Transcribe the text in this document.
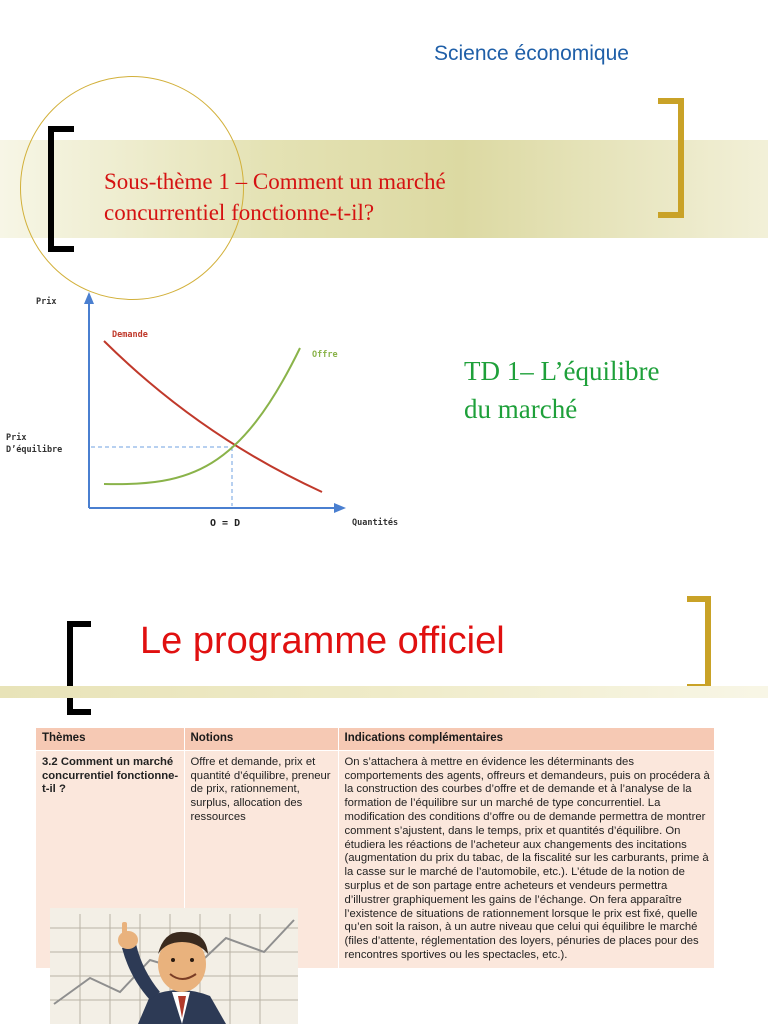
Science économique
Sous-thème 1 – Comment un marché
concurrentiel fonctionne-t-il?
Prix
Quantités
Demande
Offre
Prix
D’équilibre
O = D
TD 1– L’équilibre
du marché
Le programme officiel
Thèmes	Notions	Indications complémentaires
3.2 Comment un marché concurrentiel fonctionne-t-il ?	Offre et demande, prix et quantité d’équilibre, preneur de prix, rationnement, surplus, allocation des ressources	On s’attachera à mettre en évidence les déterminants des comportements des agents, offreurs et demandeurs, puis on procédera à la construction des courbes d’offre et de demande et à l’analyse de la formation de l’équilibre sur un marché de type concurrentiel. La modification des conditions d’offre ou de demande permettra de montrer comment s’ajustent, dans le temps, prix et quantités d’équilibre. On étudiera les réactions de l’acheteur aux changements des incitations (augmentation du prix du tabac, de la fiscalité sur les carburants, prime à la casse sur le marché de l’automobile, etc.). L’étude de la notion de surplus et de son partage entre acheteurs et vendeurs permettra d’illustrer graphiquement les gains de l’échange. On fera apparaître l’existence de situations de rationnement lorsque le prix est fixé, quelle qu’en soit la raison, à un autre niveau que celui qui équilibre le marché (files d’attente, réglementation des loyers, pénuries de places pour des rencontres sportives ou les spectacles, etc.).
